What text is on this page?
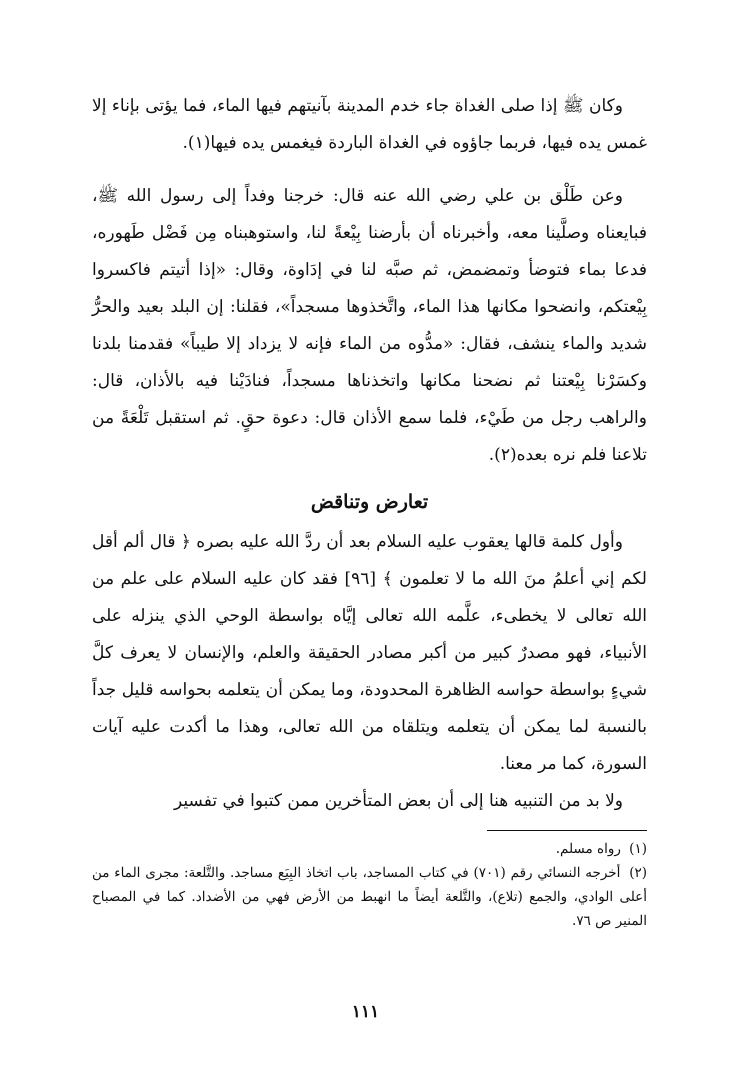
وكان ﷺ إذا صلى الغداة جاء خدم المدينة بآنيتهم فيها الماء، فما يؤتى بإناء إلا غمس يده فيها، فربما جاؤوه في الغداة الباردة فيغمس يده فيها(١).

وعن طَلْق بن علي رضي الله عنه قال: خرجنا وفداً إلى رسول الله ﷺ، فبايعناه وصلَّينا معه، وأخبرناه أن بأرضنا بِيْعةً لنا، واستوهبناه مِن فَضْل طَهوره، فدعا بماء فتوضأ وتمضمض، ثم صبَّه لنا في إدَاوة، وقال: «إذا أتيتم فاكسروا بِيْعتكم، وانضحوا مكانها هذا الماء، واتَّخذوها مسجداً»، فقلنا: إن البلد بعيد والحرُّ شديد والماء ينشف، فقال: «مدُّوه من الماء فإنه لا يزداد إلا طيباً» فقدمنا بلدنا وكسَرْنا بِيْعتنا ثم نضحنا مكانها واتخذناها مسجداً، فنادَيْنا فيه بالأذان، قال: والراهب رجل من طَيْء، فلما سمع الأذان قال: دعوة حقٍ. ثم استقبل تَلْعَةً من تلاعنا فلم نره بعده(٢).

تعارض وتناقض

وأول كلمة قالها يعقوب عليه السلام بعد أن ردَّ الله عليه بصره ﴿ قال ألم أقل لكم إني أعلمُ منَ الله ما لا تعلمون ﴾ [٩٦] فقد كان عليه السلام على علم من الله تعالى لا يخطىء، علَّمه الله تعالى إيَّاه بواسطة الوحي الذي ينزله على الأنبياء، فهو مصدرٌ كبير من أكبر مصادر الحقيقة والعلم، والإنسان لا يعرف كلَّ شيءٍ بواسطة حواسه الظاهرة المحدودة، وما يمكن أن يتعلمه بحواسه قليل جداً بالنسبة لما يمكن أن يتعلمه ويتلقاه من الله تعالى، وهذا ما أكدت عليه آيات السورة، كما مر معنا.

ولا بد من التنبيه هنا إلى أن بعض المتأخرين ممن كتبوا في تفسير

(١) رواه مسلم.

(٢) أخرجه النسائي رقم (٧٠١) في كتاب المساجد، باب اتخاذ البِيَع مساجد. والتَّلعة: مجرى الماء من أعلى الوادي، والجمع (تلاع)، والتَّلعة أيضاً ما انهبط من الأرض فهي من الأضداد. كما في المصباح المنير ص ٧٦.

١١١
